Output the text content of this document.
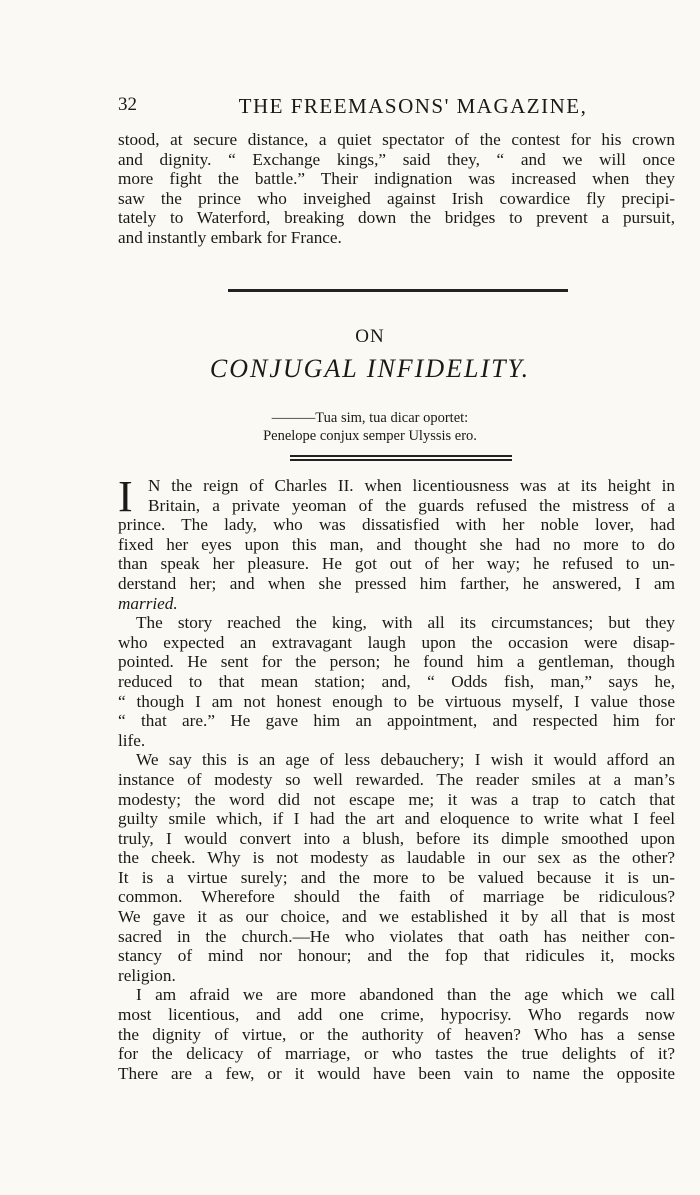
32	THE FREEMASONS' MAGAZINE,
stood, at secure distance, a quiet spectator of the contest for his crown
and dignity. “ Exchange kings,” said they, “ and we will once
more fight the battle.” Their indignation was increased when they
saw the prince who inveighed against Irish cowardice fly precipi-
tately to Waterford, breaking down the bridges to prevent a pursuit,
and instantly embark for France.
ON
CONJUGAL INFIDELITY.
———Tua sim, tua dicar oportet:
Penelope conjux semper Ulyssis ero.
I N the reign of Charles II. when licentiousness was at its height in
Britain, a private yeoman of the guards refused the mistress of a
prince. The lady, who was dissatisfied with her noble lover, had
fixed her eyes upon this man, and thought she had no more to do
than speak her pleasure. He got out of her way; he refused to un-
derstand her; and when she pressed him farther, he answered, I am
married.
The story reached the king, with all its circumstances; but they
who expected an extravagant laugh upon the occasion were disap-
pointed. He sent for the person; he found him a gentleman, though
reduced to that mean station; and, “ Odds fish, man,” says he,
“ though I am not honest enough to be virtuous myself, I value those
“ that are.” He gave him an appointment, and respected him for
life.
We say this is an age of less debauchery; I wish it would afford an
instance of modesty so well rewarded. The reader smiles at a man’s
modesty; the word did not escape me; it was a trap to catch that
guilty smile which, if I had the art and eloquence to write what I feel
truly, I would convert into a blush, before its dimple smoothed upon
the cheek. Why is not modesty as laudable in our sex as the other?
It is a virtue surely; and the more to be valued because it is un-
common. Wherefore should the faith of marriage be ridiculous?
We gave it as our choice, and we established it by all that is most
sacred in the church.—He who violates that oath has neither con-
stancy of mind nor honour; and the fop that ridicules it, mocks
religion.
I am afraid we are more abandoned than the age which we call
most licentious, and add one crime, hypocrisy. Who regards now
the dignity of virtue, or the authority of heaven? Who has a sense
for the delicacy of marriage, or who tastes the true delights of it?
There are a few, or it would have been vain to name the opposite
